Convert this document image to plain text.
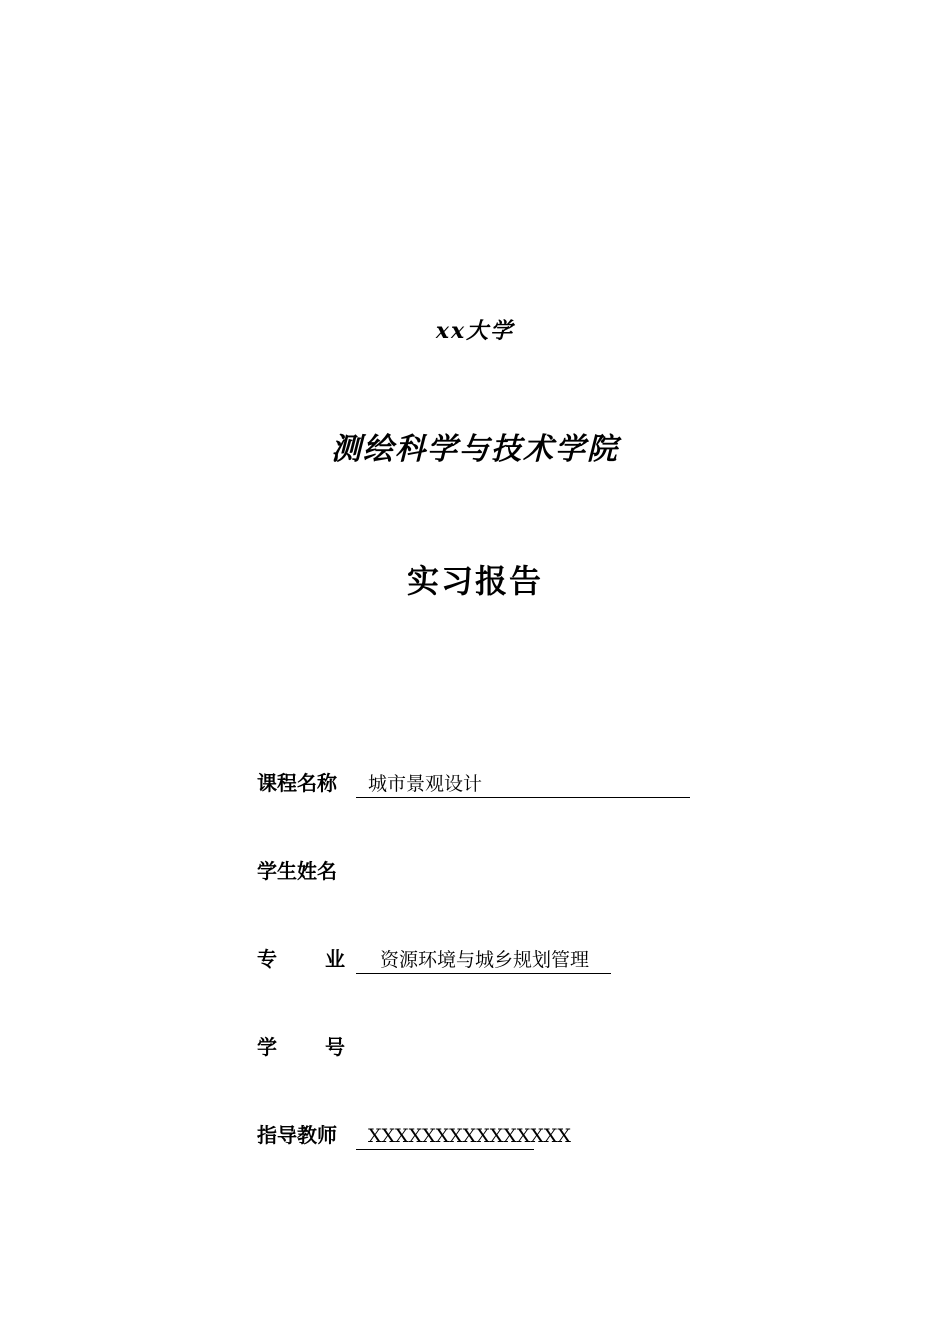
xx大学
测绘科学与技术学院
实习报告
课程名称	城市景观设计
学生姓名
专 业	资源环境与城乡规划管理
学 号
指导教师	XXXXXXXXXXXXXXX
